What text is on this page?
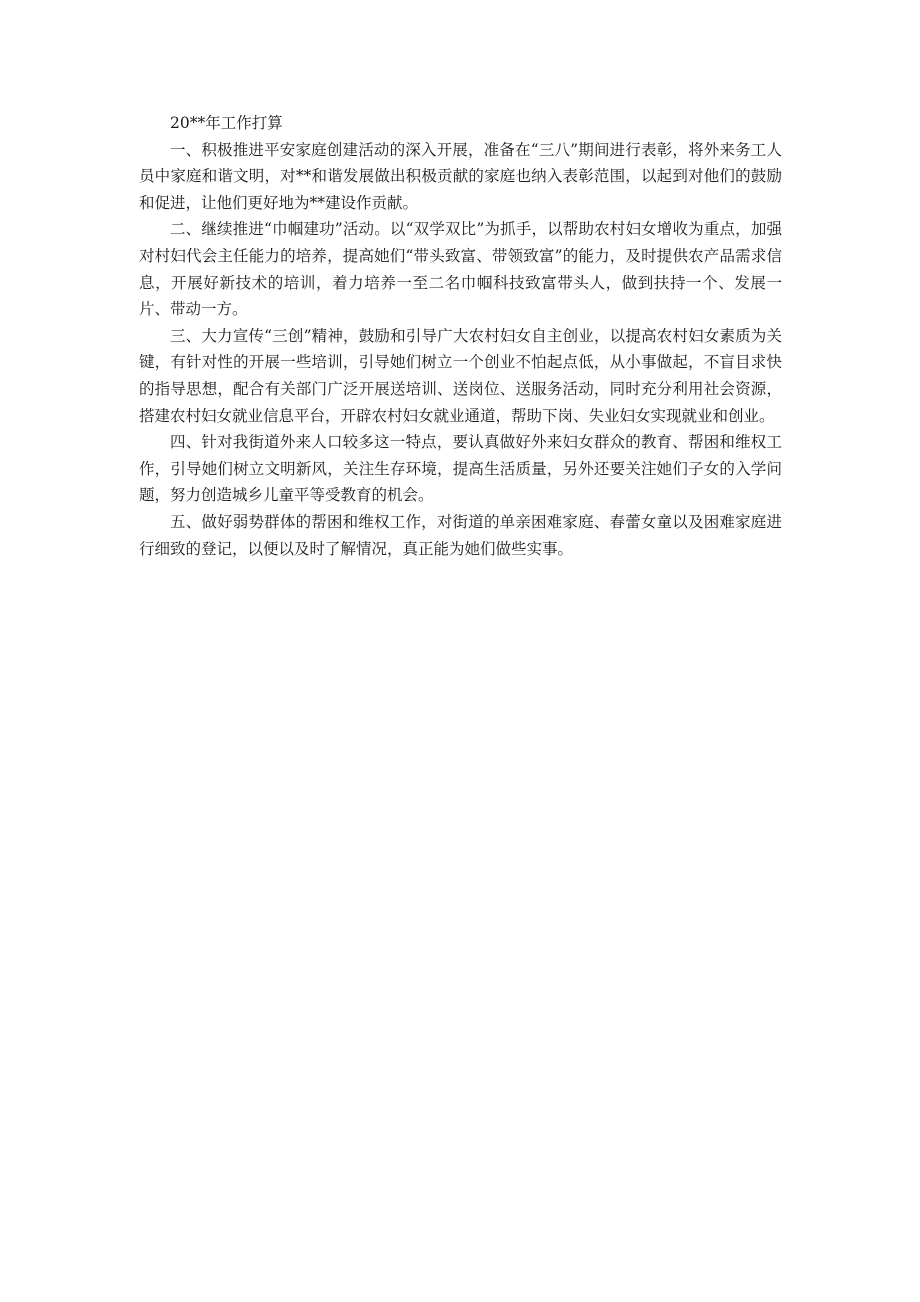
20**年工作打算

一、积极推进平安家庭创建活动的深入开展，准备在“三八”期间进行表彰，将外来务工人员中家庭和谐文明，对**和谐发展做出积极贡献的家庭也纳入表彰范围，以起到对他们的鼓励和促进，让他们更好地为**建设作贡献。

二、继续推进“巾帼建功”活动。以“双学双比”为抓手，以帮助农村妇女增收为重点，加强对村妇代会主任能力的培养，提高她们“带头致富、带领致富”的能力，及时提供农产品需求信息，开展好新技术的培训，着力培养一至二名巾帼科技致富带头人，做到扶持一个、发展一片、带动一方。

三、大力宣传“三创”精神，鼓励和引导广大农村妇女自主创业，以提高农村妇女素质为关键，有针对性的开展一些培训，引导她们树立一个创业不怕起点低，从小事做起，不盲目求快的指导思想，配合有关部门广泛开展送培训、送岗位、送服务活动，同时充分利用社会资源，搭建农村妇女就业信息平台，开辟农村妇女就业通道，帮助下岗、失业妇女实现就业和创业。

四、针对我街道外来人口较多这一特点，要认真做好外来妇女群众的教育、帮困和维权工作，引导她们树立文明新风，关注生存环境，提高生活质量，另外还要关注她们子女的入学问题，努力创造城乡儿童平等受教育的机会。

五、做好弱势群体的帮困和维权工作，对街道的单亲困难家庭、春蕾女童以及困难家庭进行细致的登记，以便以及时了解情况，真正能为她们做些实事。
